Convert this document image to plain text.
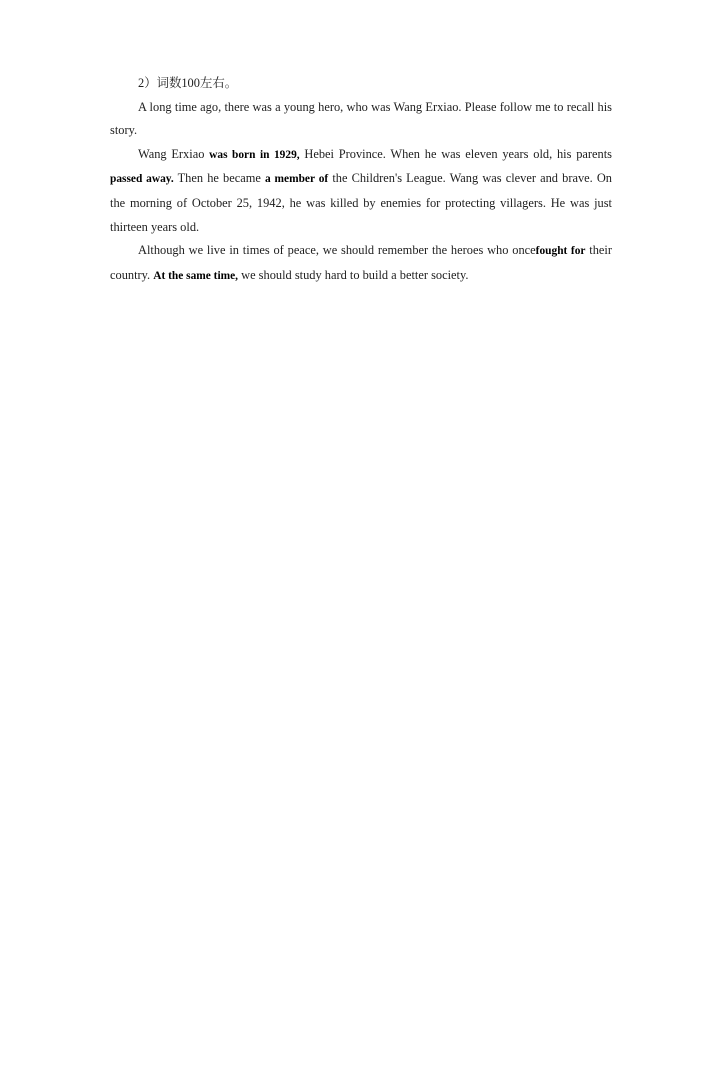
2）词数100左右。

A long time ago, there was a young hero, who was Wang Erxiao. Please follow me to recall his story.

Wang Erxiao was born in 1929, Hebei Province. When he was eleven years old, his parents passed away. Then he became a member of the Children's League. Wang was clever and brave. On the morning of October 25, 1942, he was killed by enemies for protecting villagers. He was just thirteen years old.

Although we live in times of peace, we should remember the heroes who oncefought for their country. At the same time, we should study hard to build a better society.
